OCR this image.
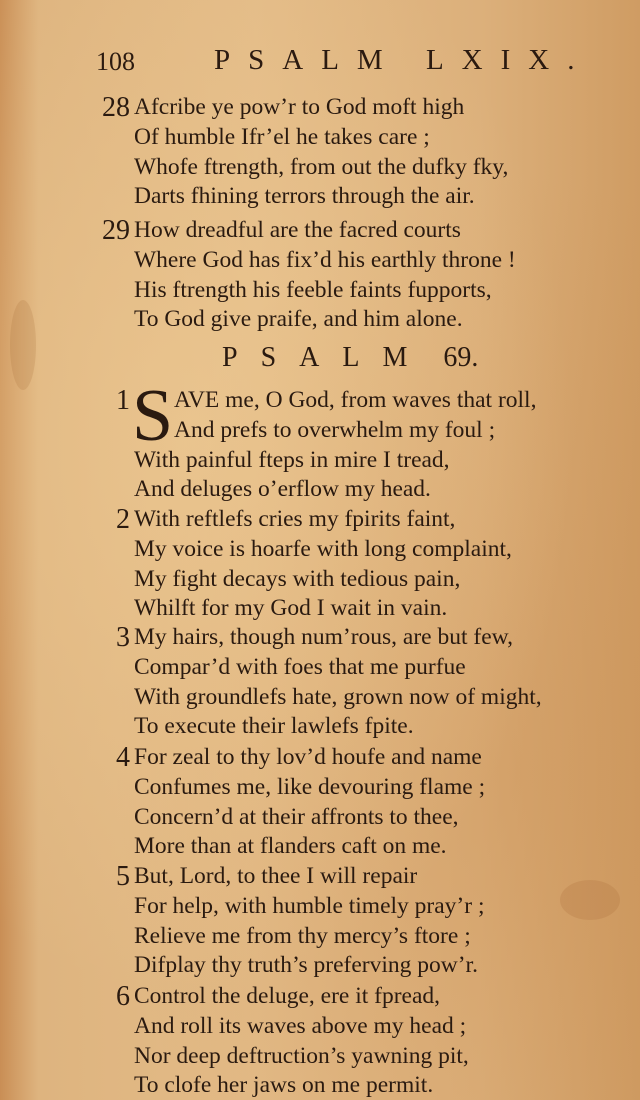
108	PSALM LXIX.
28 Afcribe ye pow’r to God moft high
Of humble Ifr’el he takes care ;
Whofe ftrength, from out the dufky fky,
Darts fhining terrors through the air.
29 How dreadful are the facred courts
Where God has fix’d his earthly throne !
His ftrength his feeble faints fupports,
To God give praife, and him alone.
PSALM 69.
1 S AVE me, O God, from waves that roll,
And prefs to overwhelm my foul ;
With painful fteps in mire I tread,
And deluges o’erflow my head.
2 With reftlefs cries my fpirits faint,
My voice is hoarfe with long complaint,
My fight decays with tedious pain,
Whilft for my God I wait in vain.
3 My hairs, though num’rous, are but few,
Compar’d with foes that me purfue
With groundlefs hate, grown now of might,
To execute their lawlefs fpite.
4 For zeal to thy lov’d houfe and name
Confumes me, like devouring flame ;
Concern’d at their affronts to thee,
More than at flanders caft on me.
5 But, Lord, to thee I will repair
For help, with humble timely pray’r ;
Relieve me from thy mercy’s ftore ;
Difplay thy truth’s preferving pow’r.
6 Control the deluge, ere it fpread,
And roll its waves above my head ;
Nor deep deftruction’s yawning pit,
To clofe her jaws on me permit.
